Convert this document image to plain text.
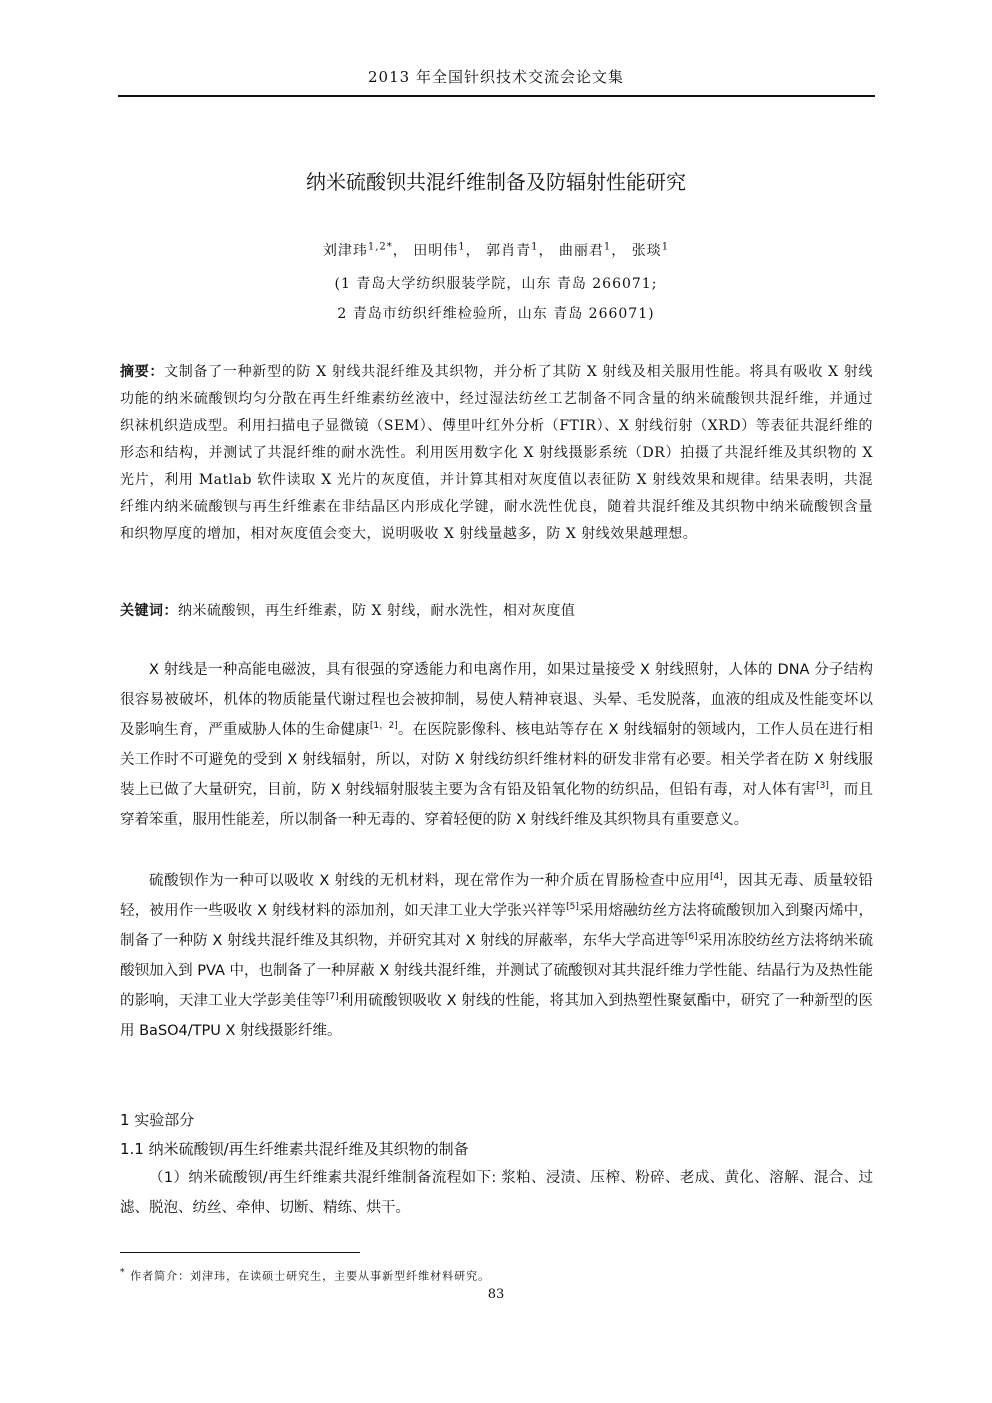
2013 年全国针织技术交流会论文集
纳米硫酸钡共混纤维制备及防辐射性能研究
刘津玮$^{1,2*}$， 田明伟$^1$， 郭肖青$^1$， 曲丽君$^1$， 张琰$^1$
(1 青岛大学纺织服装学院，山东 青岛 266071;
2 青岛市纺织纤维检验所，山东 青岛 266071)

摘要：文制备了一种新型的防 X 射线共混纤维及其织物，并分析了其防 X 射线及相关服用性能。将具有吸收 X 射线功能的纳米硫酸钡均匀分散在再生纤维素纺丝液中，经过湿法纺丝工艺制备不同含量的纳米硫酸钡共混纤维，并通过织袜机织造成型。利用扫描电子显微镜（SEM）、傅里叶红外分析（FTIR）、X 射线衍射（XRD）等表征共混纤维的形态和结构，并测试了共混纤维的耐水洗性。利用医用数字化 X 射线摄影系统（DR）拍摄了共混纤维及其织物的 X 光片，利用 Matlab 软件读取 X 光片的灰度值，并计算其相对灰度值以表征防 X 射线效果和规律。结果表明，共混纤维内纳米硫酸钡与再生纤维素在非结晶区内形成化学键，耐水洗性优良，随着共混纤维及其织物中纳米硫酸钡含量和织物厚度的增加，相对灰度值会变大，说明吸收 X 射线量越多，防 X 射线效果越理想。

关键词：纳米硫酸钡，再生纤维素，防 X 射线，耐水洗性，相对灰度值

X 射线是一种高能电磁波，具有很强的穿透能力和电离作用，如果过量接受 X 射线照射，人体的 DNA 分子结构很容易被破坏，机体的物质能量代谢过程也会被抑制，易使人精神衰退、头晕、毛发脱落，血液的组成及性能变坏以及影响生育，严重威胁人体的生命健康[1，2]。在医院影像科、核电站等存在 X 射线辐射的领域内，工作人员在进行相关工作时不可避免的受到 X 射线辐射，所以，对防 X 射线纺织纤维材料的研发非常有必要。相关学者在防 X 射线服装上已做了大量研究，目前，防 X 射线辐射服装主要为含有铅及铅氧化物的纺织品，但铅有毒，对人体有害[3]，而且穿着笨重，服用性能差，所以制备一种无毒的、穿着轻便的防 X 射线纤维及其织物具有重要意义。

硫酸钡作为一种可以吸收 X 射线的无机材料，现在常作为一种介质在胃肠检查中应用[4]，因其无毒、质量较铅轻，被用作一些吸收 X 射线材料的添加剂，如天津工业大学张兴祥等[5]采用熔融纺丝方法将硫酸钡加入到聚丙烯中，制备了一种防 X 射线共混纤维及其织物，并研究其对 X 射线的屏蔽率，东华大学高进等[6]采用冻胶纺丝方法将纳米硫酸钡加入到 PVA 中，也制备了一种屏蔽 X 射线共混纤维，并测试了硫酸钡对其共混纤维力学性能、结晶行为及热性能的影响，天津工业大学彭美佳等[7]利用硫酸钡吸收 X 射线的性能，将其加入到热塑性聚氨酯中，研究了一种新型的医用 BaSO4/TPU X 射线摄影纤维。

1 实验部分
1.1 纳米硫酸钡/再生纤维素共混纤维及其织物的制备

（1）纳米硫酸钡/再生纤维素共混纤维制备流程如下: 浆粕、浸渍、压榨、粉碎、老成、黄化、溶解、混合、过滤、脱泡、纺丝、牵伸、切断、精练、烘干。

* 作者简介：刘津玮，在读硕士研究生，主要从事新型纤维材料研究。
83
